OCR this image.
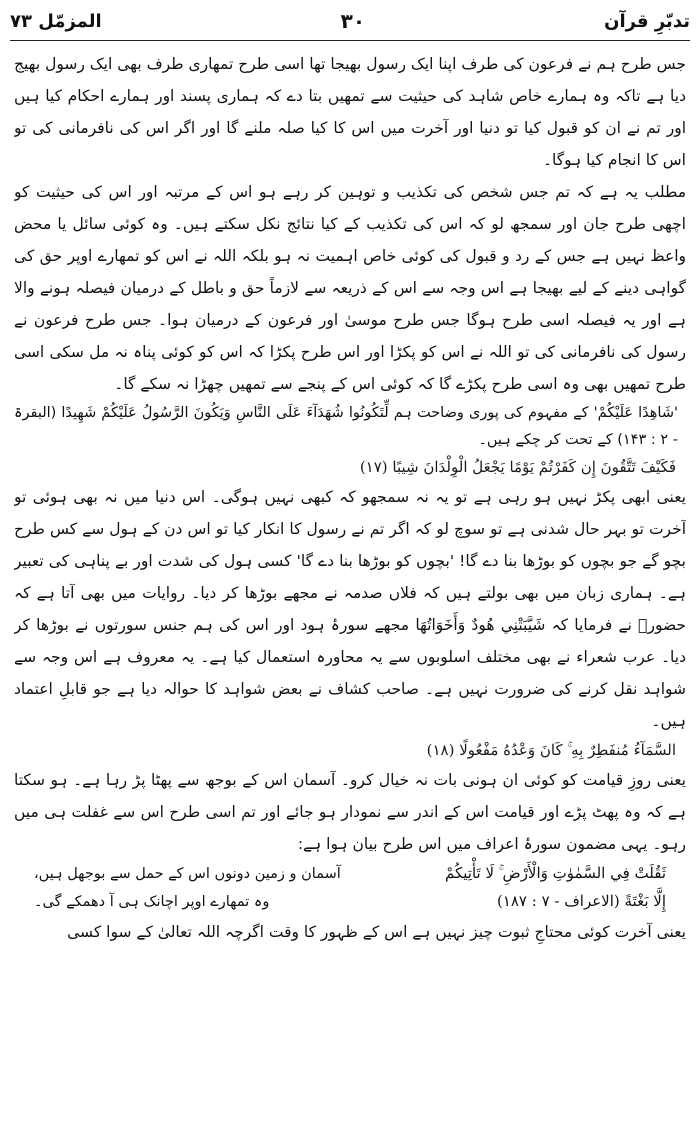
المزمّل ۷۳	۳۰	تدبّرِ قرآن

جس طرح ہم نے فرعون کی طرف اپنا ایک رسول بھیجا تھا اسی طرح تمھاری طرف بھی ایک رسول بھیج دیا ہے تاکہ وہ ہمارے خاص شاہد کی حیثیت سے تمھیں بتا دے کہ ہماری پسند اور ہمارے احکام کیا ہیں اور تم نے ان کو قبول کیا تو دنیا اور آخرت میں اس کا کیا صلہ ملنے گا اور اگر اس کی نافرمانی کی تو اس کا انجام کیا ہوگا۔

مطلب یہ ہے کہ تم جس شخص کی تکذیب و توہین کر رہے ہو اس کے مرتبہ اور اس کی حیثیت کو اچھی طرح جان اور سمجھ لو کہ اس کی تکذیب کے کیا نتائج نکل سکتے ہیں۔ وہ کوئی سائل یا محض واعظ نہیں ہے جس کے رد و قبول کی کوئی خاص اہمیت نہ ہو بلکہ اللہ نے اس کو تمھارے اوپر حق کی گواہی دینے کے لیے بھیجا ہے اس وجہ سے اس کے ذریعہ سے لازماً حق و باطل کے درمیان فیصلہ ہونے والا ہے اور یہ فیصلہ اسی طرح ہوگا جس طرح موسیٰ اور فرعون کے درمیان ہوا۔ جس طرح فرعون نے رسول کی نافرمانی کی تو اللہ نے اس کو پکڑا اور اس طرح پکڑا کہ اس کو کوئی پناہ نہ مل سکی اسی طرح تمھیں بھی وہ اسی طرح پکڑے گا کہ کوئی اس کے پنجے سے تمھیں چھڑا نہ سکے گا۔

'شَاهِدًا عَلَيْكُمْ' کے مفہوم کی پوری وضاحت ہم لِّتَكُونُوا شُهَدَآءَ عَلَى النَّاسِ وَيَكُونَ الرَّسُولُ عَلَيْكُمْ شَهِيدًا (البقرۃ - ۲ : ۱۴۳) کے تحت کر چکے ہیں۔

فَكَيْفَ تَتَّقُونَ إِن كَفَرْتُمْ يَوْمًا يَجْعَلُ الْوِلْدَانَ شِيبًا (۱۷)

یعنی ابھی پکڑ نہیں ہو رہی ہے تو یہ نہ سمجھو کہ کبھی نہیں ہوگی۔ اس دنیا میں نہ بھی ہوئی تو آخرت تو بہر حال شدنی ہے تو سوچ لو کہ اگر تم نے رسول کا انکار کیا تو اس دن کے ہول سے کس طرح بچو گے جو بچوں کو بوڑھا بنا دے گا! 'بچوں کو بوڑھا بنا دے گا' کسی ہول کی شدت اور بے پناہی کی تعبیر ہے۔ ہماری زبان میں بھی بولتے ہیں کہ فلاں صدمہ نے مجھے بوڑھا کر دیا۔ روایات میں بھی آتا ہے کہ حضورؐ نے فرمایا کہ شَيَّبَتْنِي هُودٌ وَأَخَوَاتُهَا مجھے سورۂ ہود اور اس کی ہم جنس سورتوں نے بوڑھا کر دیا۔ عرب شعراء نے بھی مختلف اسلوبوں سے یہ محاورہ استعمال کیا ہے۔ یہ معروف ہے اس وجہ سے شواہد نقل کرنے کی ضرورت نہیں ہے۔ صاحب کشاف نے بعض شواہد کا حوالہ دیا ہے جو قابلِ اعتماد ہیں۔

السَّمَآءُ مُنفَطِرٌ بِهِ ۚ كَانَ وَعْدُهُ مَفْعُولًا (۱۸)

یعنی روزِ قیامت کو کوئی ان ہونی بات نہ خیال کرو۔ آسمان اس کے بوجھ سے پھٹا پڑ رہا ہے۔ ہو سکتا ہے کہ وہ پھٹ پڑے اور قیامت اس کے اندر سے نمودار ہو جائے اور تم اسی طرح اس سے غفلت ہی میں رہو۔ یہی مضمون سورۂ اعراف میں اس طرح بیان ہوا ہے:

ثَقُلَتْ فِي السَّمٰوٰتِ وَالْأَرْضِ ۚ لَا تَأْتِيكُمْ
آسمان و زمین دونوں اس کے حمل سے بوجھل ہیں،
إِلَّا بَغْتَةً (الاعراف - ۷ : ۱۸۷)
وہ تمھارے اوپر اچانک ہی آ دھمکے گی۔

یعنی آخرت کوئی محتاجِ ثبوت چیز نہیں ہے اس کے ظہور کا وقت اگرچہ اللہ تعالیٰ کے سوا کسی
